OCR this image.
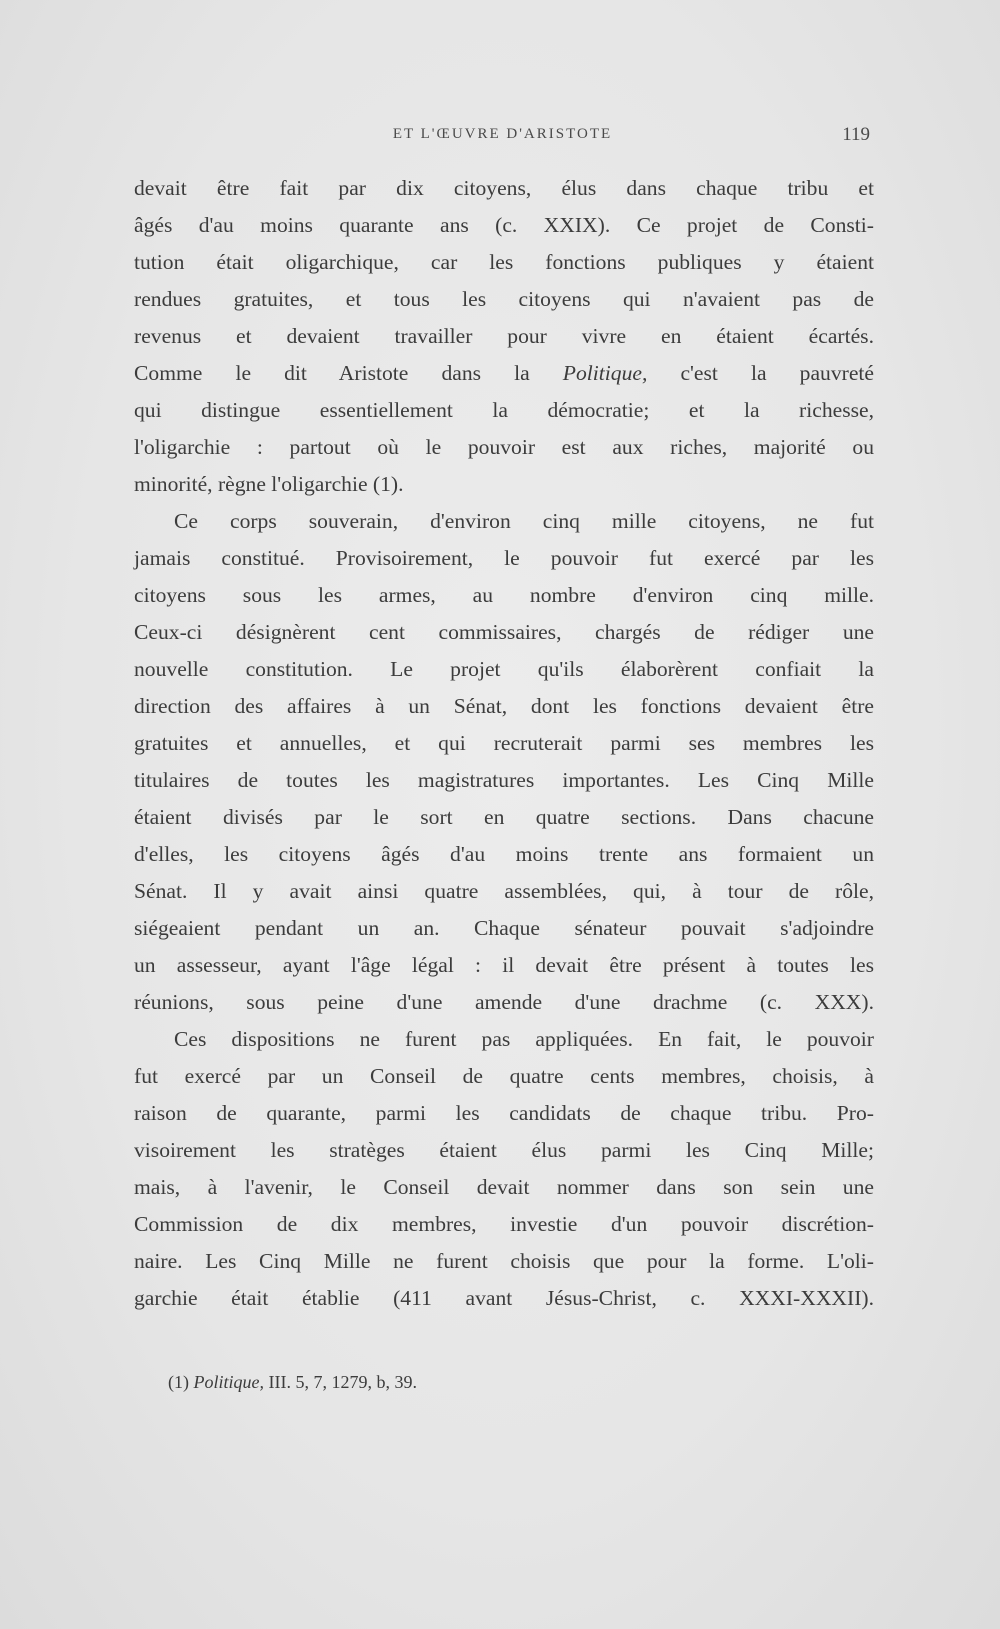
ET L'ŒUVRE D'ARISTOTE	119
devait être fait par dix citoyens, élus dans chaque tribu et
âgés d'au moins quarante ans (c. XXIX). Ce projet de Consti-
tution était oligarchique, car les fonctions publiques y étaient
rendues gratuites, et tous les citoyens qui n'avaient pas de
revenus et devaient travailler pour vivre en étaient écartés.
Comme le dit Aristote dans la Politique, c'est la pauvreté
qui distingue essentiellement la démocratie; et la richesse,
l'oligarchie : partout où le pouvoir est aux riches, majorité ou
minorité, règne l'oligarchie (1).
Ce corps souverain, d'environ cinq mille citoyens, ne fut
jamais constitué. Provisoirement, le pouvoir fut exercé par les
citoyens sous les armes, au nombre d'environ cinq mille.
Ceux-ci désignèrent cent commissaires, chargés de rédiger une
nouvelle constitution. Le projet qu'ils élaborèrent confiait la
direction des affaires à un Sénat, dont les fonctions devaient être
gratuites et annuelles, et qui recruterait parmi ses membres les
titulaires de toutes les magistratures importantes. Les Cinq Mille
étaient divisés par le sort en quatre sections. Dans chacune
d'elles, les citoyens âgés d'au moins trente ans formaient un
Sénat. Il y avait ainsi quatre assemblées, qui, à tour de rôle,
siégeaient pendant un an. Chaque sénateur pouvait s'adjoindre
un assesseur, ayant l'âge légal : il devait être présent à toutes les
réunions, sous peine d'une amende d'une drachme (c. XXX).
Ces dispositions ne furent pas appliquées. En fait, le pouvoir
fut exercé par un Conseil de quatre cents membres, choisis, à
raison de quarante, parmi les candidats de chaque tribu. Pro-
visoirement les stratèges étaient élus parmi les Cinq Mille;
mais, à l'avenir, le Conseil devait nommer dans son sein une
Commission de dix membres, investie d'un pouvoir discrétion-
naire. Les Cinq Mille ne furent choisis que pour la forme. L'oli-
garchie était établie (411 avant Jésus-Christ, c. XXXI-XXXII).
(1) Politique, III. 5, 7, 1279, b, 39.
